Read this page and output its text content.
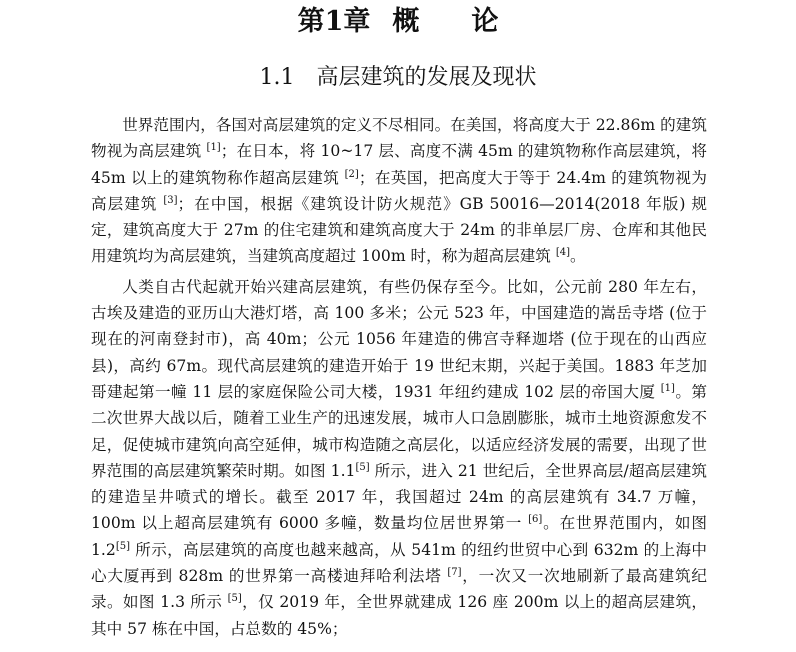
第1章 概 论
1.1 高层建筑的发展及现状

世界范围内，各国对高层建筑的定义不尽相同。在美国，将高度大于 22.86m 的建筑物视为高层建筑 [1]；在日本，将 10~17 层、高度不满 45m 的建筑物称作高层建筑，将 45m 以上的建筑物称作超高层建筑 [2]；在英国，把高度大于等于 24.4m 的建筑物视为高层建筑 [3]；在中国，根据《建筑设计防火规范》GB 50016—2014(2018 年版) 规定，建筑高度大于 27m 的住宅建筑和建筑高度大于 24m 的非单层厂房、仓库和其他民用建筑均为高层建筑，当建筑高度超过 100m 时，称为超高层建筑 [4]。

人类自古代起就开始兴建高层建筑，有些仍保存至今。比如，公元前 280 年左右，古埃及建造的亚历山大港灯塔，高 100 多米；公元 523 年，中国建造的嵩岳寺塔 (位于现在的河南登封市)，高 40m；公元 1056 年建造的佛宫寺释迦塔 (位于现在的山西应县)，高约 67m。现代高层建筑的建造开始于 19 世纪末期，兴起于美国。1883 年芝加哥建起第一幢 11 层的家庭保险公司大楼，1931 年纽约建成 102 层的帝国大厦 [1]。第二次世界大战以后，随着工业生产的迅速发展，城市人口急剧膨胀，城市土地资源愈发不足，促使城市建筑向高空延伸，城市构造随之高层化，以适应经济发展的需要，出现了世界范围的高层建筑繁荣时期。如图 1.1[5] 所示，进入 21 世纪后，全世界高层/超高层建筑的建造呈井喷式的增长。截至 2017 年，我国超过 24m 的高层建筑有 34.7 万幢，100m 以上超高层建筑有 6000 多幢，数量均位居世界第一 [6]。在世界范围内，如图 1.2[5] 所示，高层建筑的高度也越来越高，从 541m 的纽约世贸中心到 632m 的上海中心大厦再到 828m 的世界第一高楼迪拜哈利法塔 [7]，一次又一次地刷新了最高建筑纪录。如图 1.3 所示 [5]，仅 2019 年，全世界就建成 126 座 200m 以上的超高层建筑，其中 57 栋在中国，占总数的 45%；
